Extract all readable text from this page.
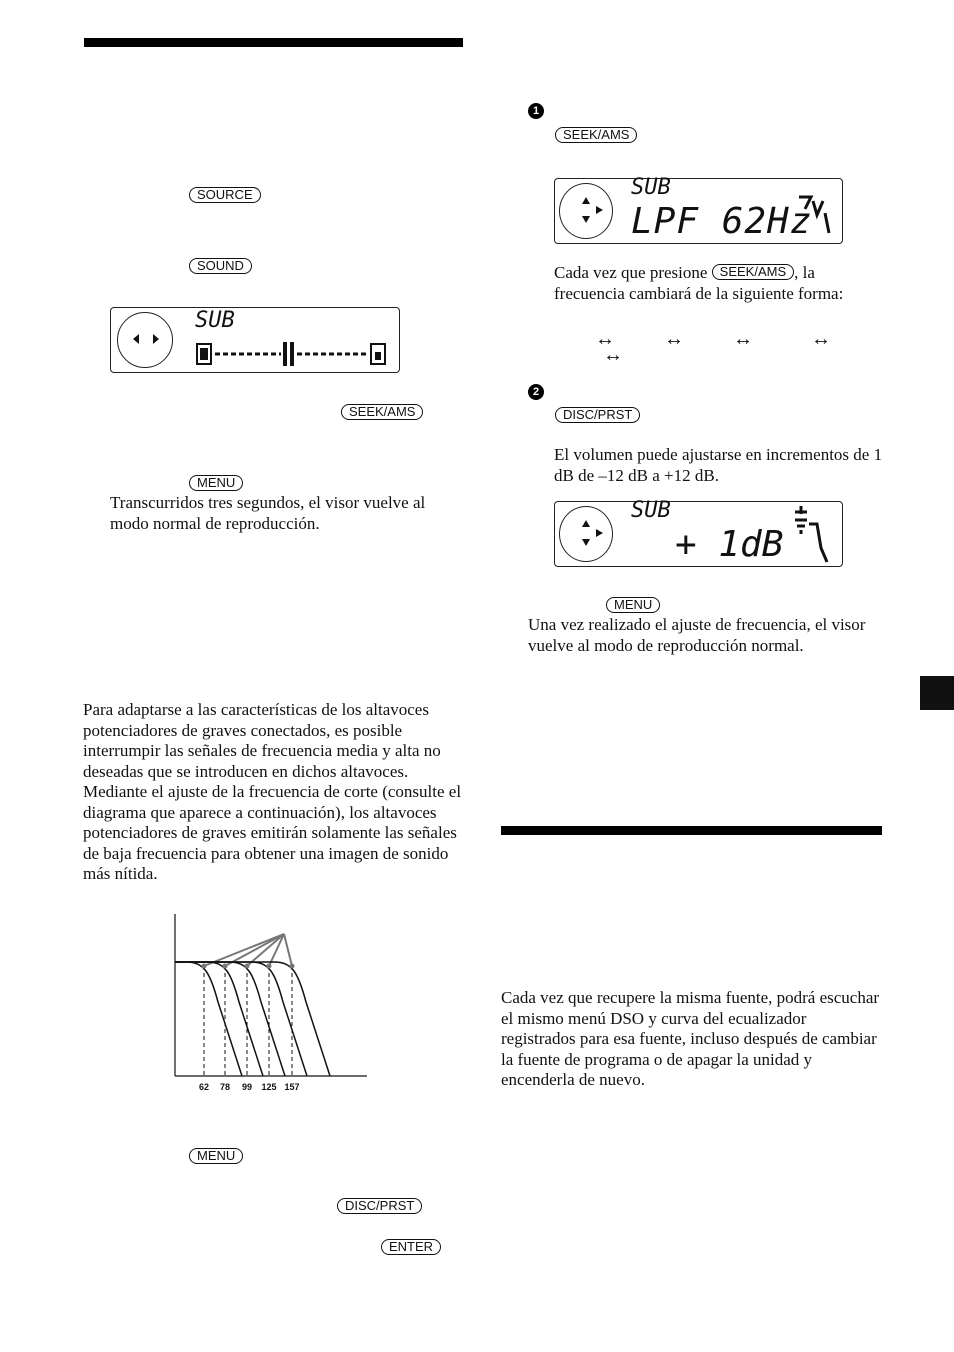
SOURCE
SOUND
SUB
SEEK/AMS
MENU
Transcurridos tres segundos, el visor vuelve al modo normal de reproducción.
Para adaptarse a las características de los altavoces potenciadores de graves conectados, es posible interrumpir las señales de frecuencia media y alta no deseadas que se introducen en dichos altavoces. Mediante el ajuste de la frecuencia de corte (consulte el diagrama que aparece a continuación), los altavoces potenciadores de graves emitirán solamente las señales de baja frecuencia para obtener una imagen de sonido más nítida.
62 78 99 125 157
MENU
DISC/PRST
ENTER
1
SEEK/AMS
SUB
LPF 62Hz
Cada vez que presione SEEK/AMS , la frecuencia cambiará de la siguiente forma:
↔ ↔ ↔	↔
↔
2
DISC/PRST
El volumen puede ajustarse en incrementos de 1 dB de –12 dB a +12 dB.
SUB
+ 1dB
MENU
Una vez realizado el ajuste de frecuencia, el visor vuelve al modo de reproducción normal.
Cada vez que recupere la misma fuente, podrá escuchar el mismo menú DSO y curva del ecualizador registrados para esa fuente, incluso después de cambiar la fuente de programa o de apagar la unidad y encenderla de nuevo.
